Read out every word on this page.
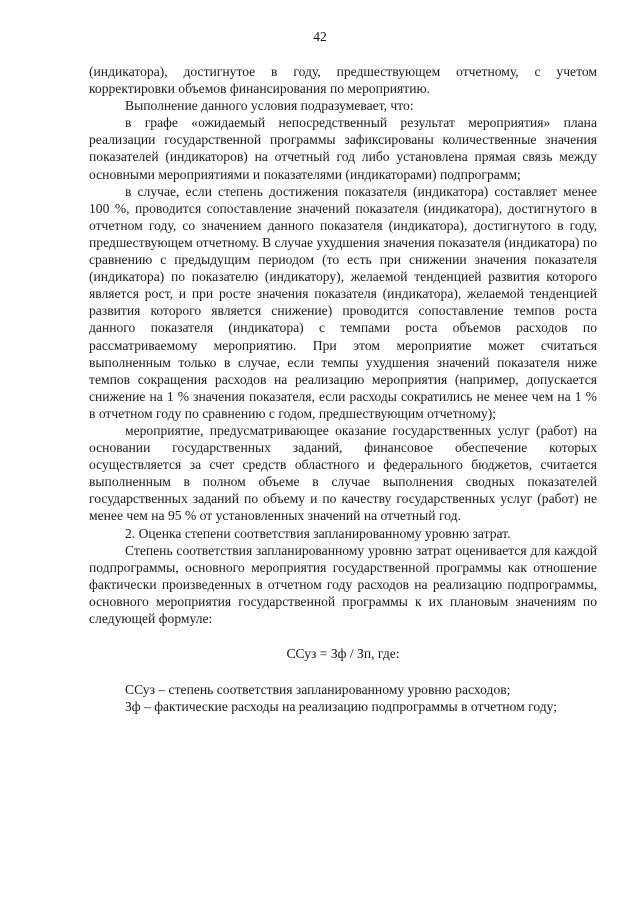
42

(индикатора), достигнутое в году, предшествующем отчетному, с учетом корректировки объемов финансирования по мероприятию.

Выполнение данного условия подразумевает, что:

в графе «ожидаемый непосредственный результат мероприятия» плана реализации государственной программы зафиксированы количественные значения показателей (индикаторов) на отчетный год либо установлена прямая связь между основными мероприятиями и показателями (индикаторами) подпрограмм;

в случае, если степень достижения показателя (индикатора) составляет менее 100 %, проводится сопоставление значений показателя (индикатора), достигнутого в отчетном году, со значением данного показателя (индикатора), достигнутого в году, предшествующем отчетному. В случае ухудшения значения показателя (индикатора) по сравнению с предыдущим периодом (то есть при снижении значения показателя (индикатора) по показателю (индикатору), желаемой тенденцией развития которого является рост, и при росте значения показателя (индикатора), желаемой тенденцией развития которого является снижение) проводится сопоставление темпов роста данного показателя (индикатора) с темпами роста объемов расходов по рассматриваемому мероприятию. При этом мероприятие может считаться выполненным только в случае, если темпы ухудшения значений показателя ниже темпов сокращения расходов на реализацию мероприятия (например, допускается снижение на 1 % значения показателя, если расходы сократились не менее чем на 1 % в отчетном году по сравнению с годом, предшествующим отчетному);

мероприятие, предусматривающее оказание государственных услуг (работ) на основании государственных заданий, финансовое обеспечение которых осуществляется за счет средств областного и федерального бюджетов, считается выполненным в полном объеме в случае выполнения сводных показателей государственных заданий по объему и по качеству государственных услуг (работ) не менее чем на 95 % от установленных значений на отчетный год.

2. Оценка степени соответствия запланированному уровню затрат.

Степень соответствия запланированному уровню затрат оценивается для каждой подпрограммы, основного мероприятия государственной программы как отношение фактически произведенных в отчетном году расходов на реализацию подпрограммы, основного мероприятия государственной программы к их плановым значениям по следующей формуле:

ССуз = Зф / Зп, где:

ССуз – степень соответствия запланированному уровню расходов;

Зф – фактические расходы на реализацию подпрограммы в отчетном году;
